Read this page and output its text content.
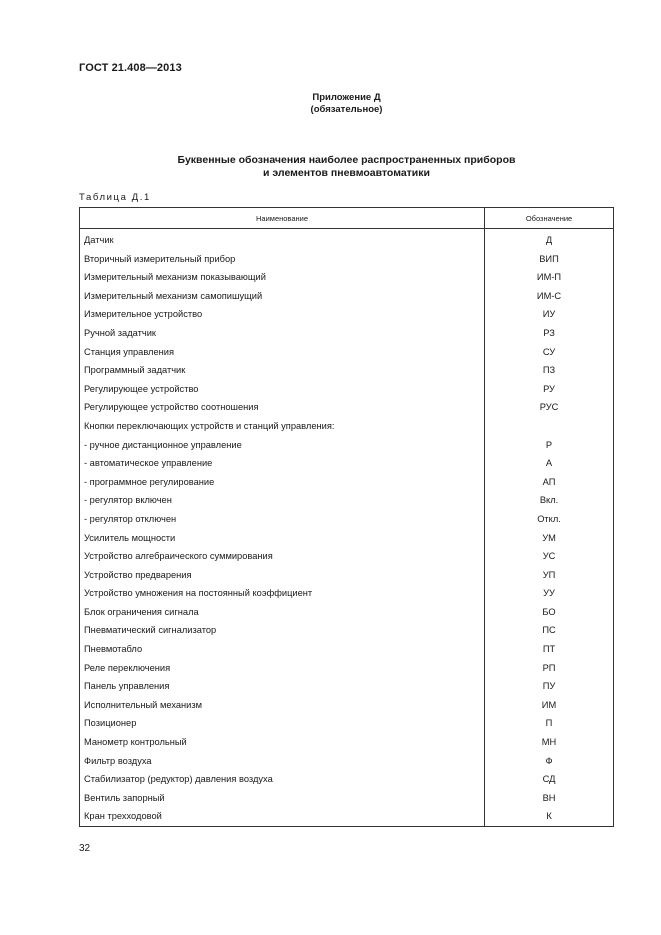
ГОСТ 21.408—2013
Приложение Д
(обязательное)
Буквенные обозначения наиболее распространенных приборов
и элементов пневмоавтоматики
Таблица Д.1
Наименование	Обозначение
Датчик	Д
Вторичный измерительный прибор	ВИП
Измерительный механизм показывающий	ИМ-П
Измерительный механизм самопишущий	ИМ-С
Измерительное устройство	ИУ
Ручной задатчик	РЗ
Станция управления	СУ
Программный задатчик	ПЗ
Регулирующее устройство	РУ
Регулирующее устройство соотношения	РУС
Кнопки переключающих устройств и станций управления:	
- ручное дистанционное управление	Р
- автоматическое управление	А
- программное регулирование	АП
- регулятор включен	Вкл.
- регулятор отключен	Откл.
Усилитель мощности	УМ
Устройство алгебраического суммирования	УС
Устройство предварения	УП
Устройство умножения на постоянный коэффициент	УУ
Блок ограничения сигнала	БО
Пневматический сигнализатор	ПС
Пневмотабло	ПТ
Реле переключения	РП
Панель управления	ПУ
Исполнительный механизм	ИМ
Позиционер	П
Манометр контрольный	МН
Фильтр воздуха	Ф
Стабилизатор (редуктор) давления воздуха	СД
Вентиль запорный	ВН
Кран трехходовой	К
32
